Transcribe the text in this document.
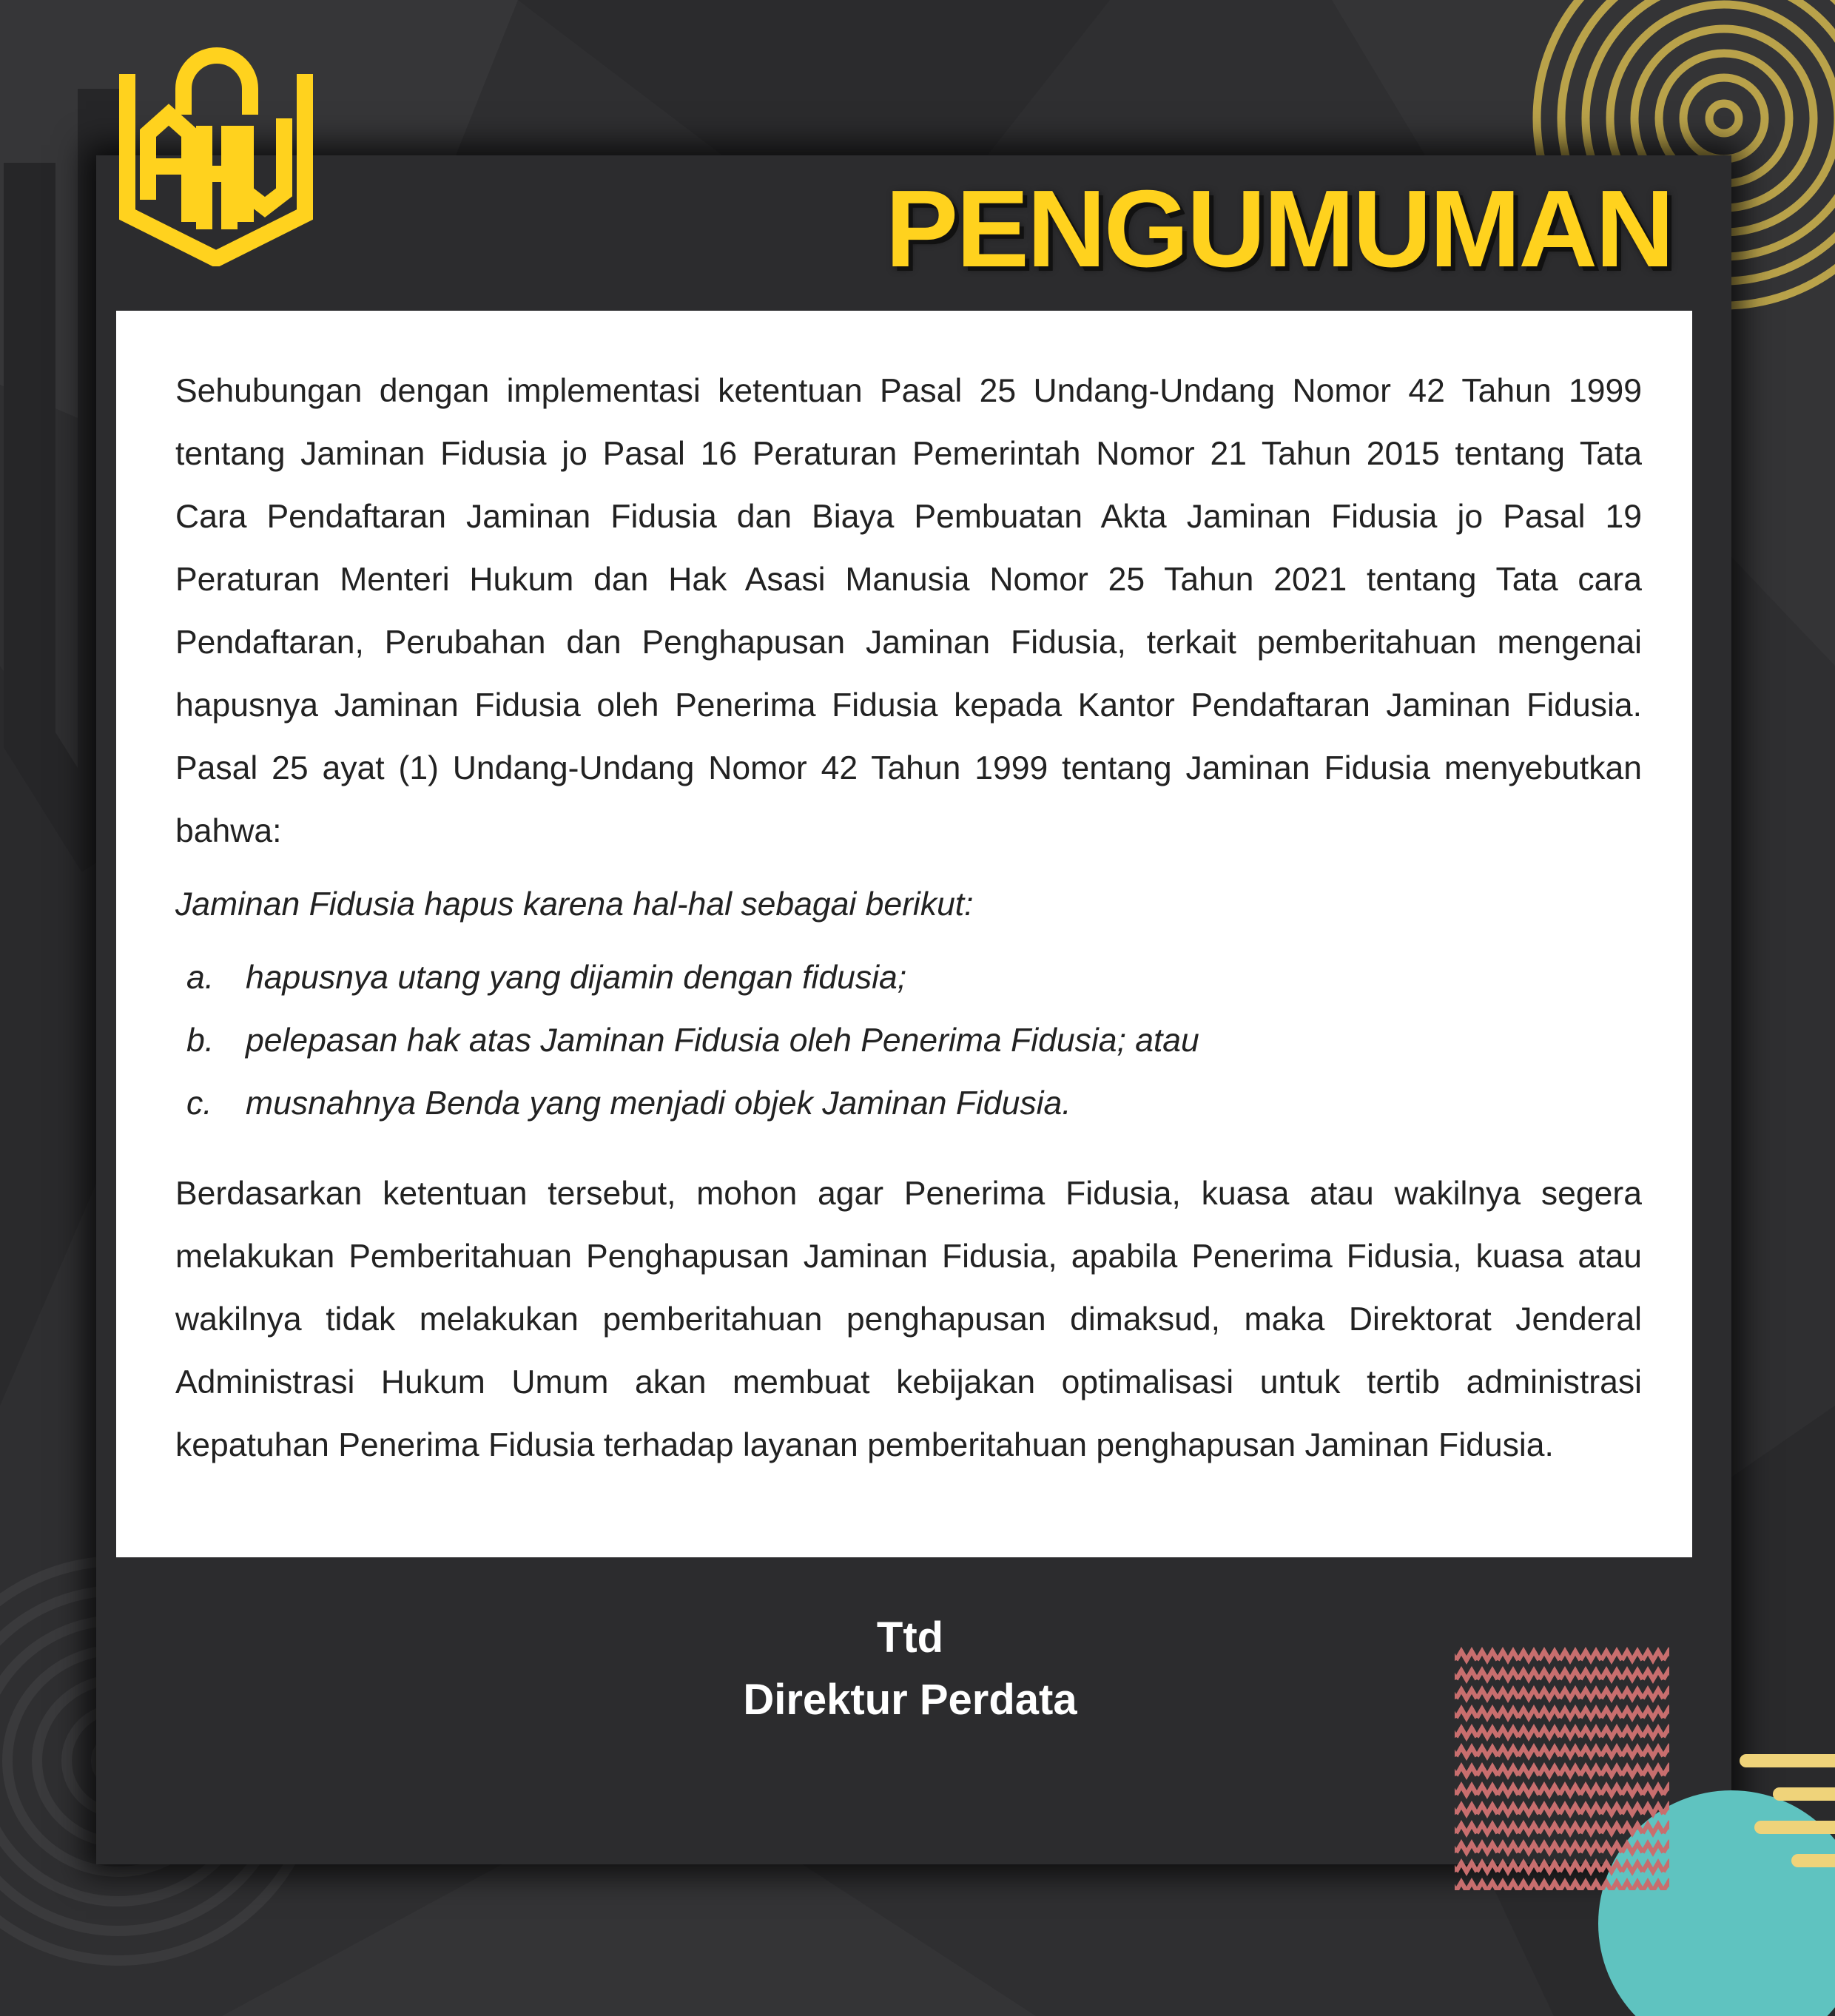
PENGUMUMAN

Sehubungan dengan implementasi ketentuan Pasal 25 Undang-Undang Nomor 42 Tahun 1999 tentang Jaminan Fidusia jo Pasal 16 Peraturan Pemerintah Nomor 21 Tahun 2015 tentang Tata Cara Pendaftaran Jaminan Fidusia dan Biaya Pembuatan Akta Jaminan Fidusia jo Pasal 19 Peraturan Menteri Hukum dan Hak Asasi Manusia Nomor 25 Tahun 2021 tentang Tata cara Pendaftaran, Perubahan dan Penghapusan Jaminan Fidusia, terkait pemberitahuan mengenai hapusnya Jaminan Fidusia oleh Penerima Fidusia kepada Kantor Pendaftaran Jaminan Fidusia. Pasal 25 ayat (1) Undang-Undang Nomor 42 Tahun 1999 tentang Jaminan Fidusia menyebutkan bahwa:

Jaminan Fidusia hapus karena hal-hal sebagai berikut:

a. hapusnya utang yang dijamin dengan fidusia;
b. pelepasan hak atas Jaminan Fidusia oleh Penerima Fidusia; atau
c.	musnahnya Benda yang menjadi objek Jaminan Fidusia.

Berdasarkan ketentuan tersebut, mohon agar Penerima Fidusia, kuasa atau wakilnya segera melakukan Pemberitahuan Penghapusan Jaminan Fidusia, apabila Penerima Fidusia, kuasa atau wakilnya tidak melakukan pemberitahuan penghapusan dimaksud, maka Direktorat Jenderal Administrasi Hukum Umum akan membuat kebijakan optimalisasi untuk tertib administrasi kepatuhan Penerima Fidusia terhadap layanan pemberitahuan penghapusan Jaminan Fidusia.

Ttd
Direktur Perdata
